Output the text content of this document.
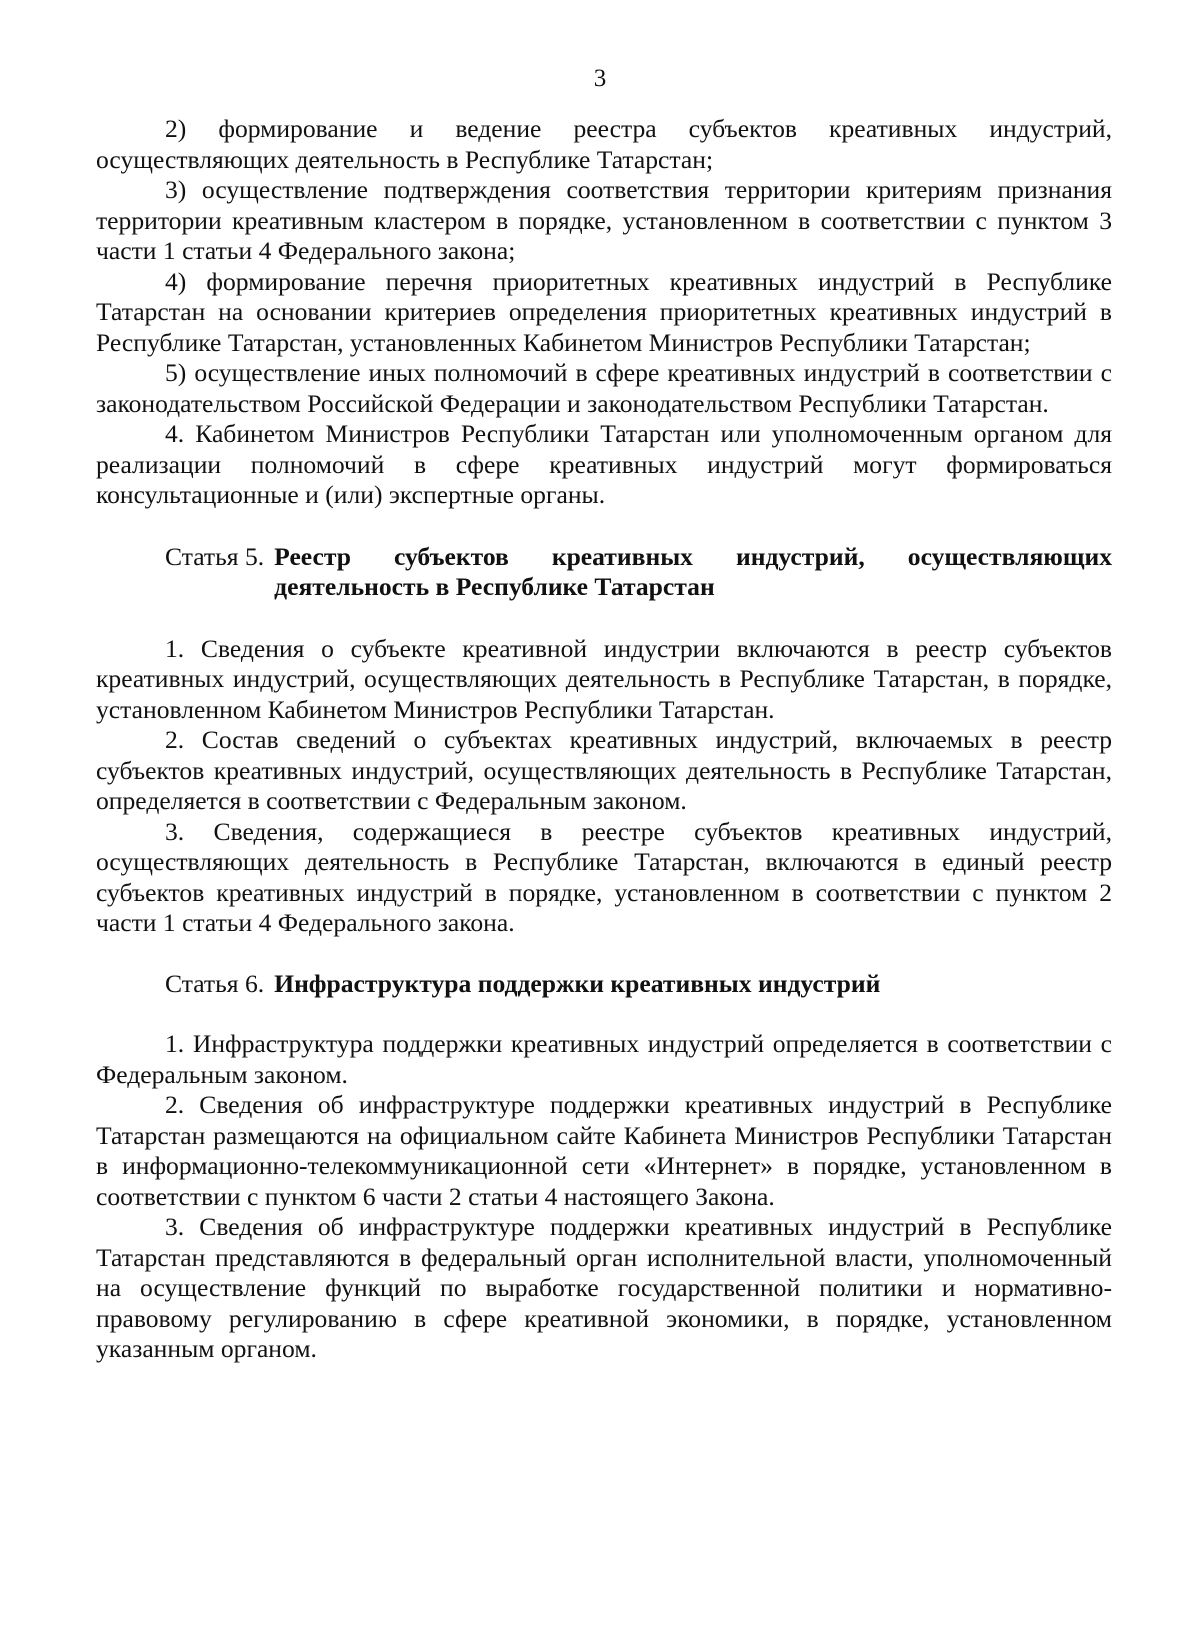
3

2) формирование и ведение реестра субъектов креативных индустрий, осуществляющих деятельность в Республике Татарстан;

3) осуществление подтверждения соответствия территории критериям признания территории креативным кластером в порядке, установленном в соответствии с пунктом 3 части 1 статьи 4 Федерального закона;

4) формирование перечня приоритетных креативных индустрий в Республике Татарстан на основании критериев определения приоритетных креативных индустрий в Республике Татарстан, установленных Кабинетом Министров Республики Татарстан;

5) осуществление иных полномочий в сфере креативных индустрий в соответствии с законодательством Российской Федерации и законодательством Республики Татарстан.

4. Кабинетом Министров Республики Татарстан или уполномоченным органом для реализации полномочий в сфере креативных индустрий могут формироваться консультационные и (или) экспертные органы.

Статья 5. Реестр субъектов креативных индустрий, осуществляющих деятельность в Республике Татарстан

1. Сведения о субъекте креативной индустрии включаются в реестр субъектов креативных индустрий, осуществляющих деятельность в Республике Татарстан, в порядке, установленном Кабинетом Министров Республики Татарстан.

2. Состав сведений о субъектах креативных индустрий, включаемых в реестр субъектов креативных индустрий, осуществляющих деятельность в Республике Татарстан, определяется в соответствии с Федеральным законом.

3. Сведения, содержащиеся в реестре субъектов креативных индустрий, осуществляющих деятельность в Республике Татарстан, включаются в единый реестр субъектов креативных индустрий в порядке, установленном в соответствии с пунктом 2 части 1 статьи 4 Федерального закона.

Статья 6. Инфраструктура поддержки креативных индустрий

1. Инфраструктура поддержки креативных индустрий определяется в соответствии с Федеральным законом.

2. Сведения об инфраструктуре поддержки креативных индустрий в Республике Татарстан размещаются на официальном сайте Кабинета Министров Республики Татарстан в информационно-телекоммуникационной сети «Интернет» в порядке, установленном в соответствии с пунктом 6 части 2 статьи 4 настоящего Закона.

3. Сведения об инфраструктуре поддержки креативных индустрий в Республике Татарстан представляются в федеральный орган исполнительной власти, уполномоченный на осуществление функций по выработке государственной политики и нормативно-правовому регулированию в сфере креативной экономики, в порядке, установленном указанным органом.
